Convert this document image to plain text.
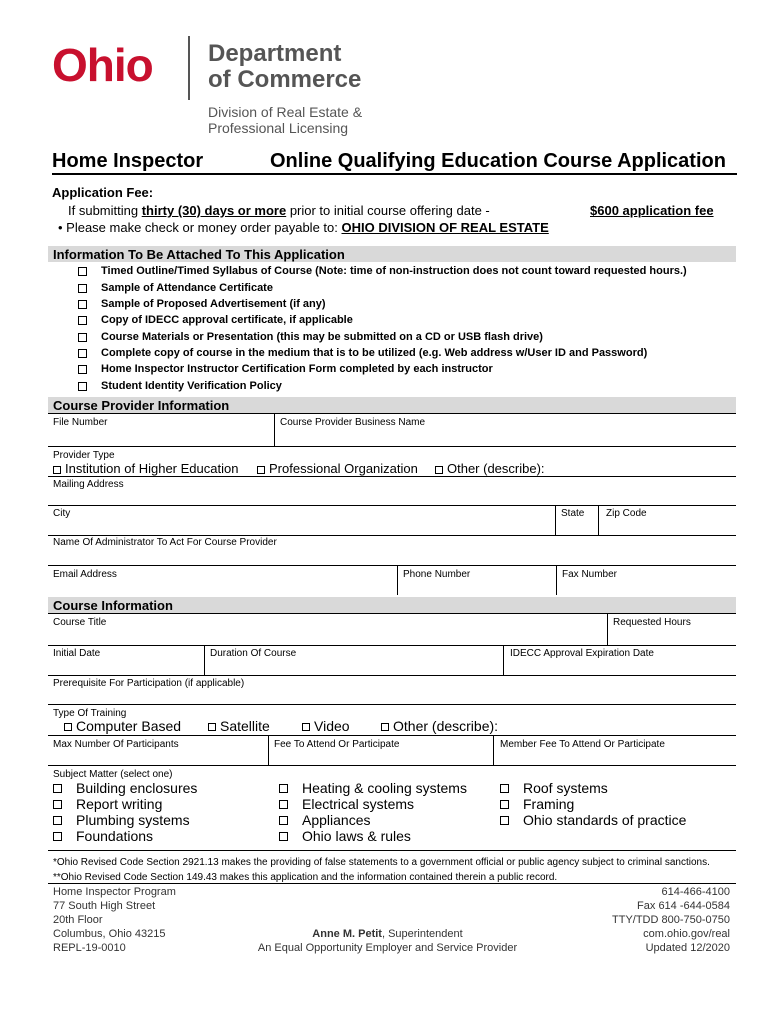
Ohio Department
of Commerce
Division of Real Estate &
Professional Licensing
Home Inspector	Online Qualifying Education Course Application
Application Fee:
If submitting thirty (30) days or more prior to initial course offering date -	$600 application fee
• Please make check or money order payable to: OHIO DIVISION OF REAL ESTATE
Information To Be Attached To This Application
Timed Outline/Timed Syllabus of Course (Note: time of non-instruction does not count toward requested hours.)
Sample of Attendance Certificate
Sample of Proposed Advertisement (if any)
Copy of IDECC approval certificate, if applicable
Course Materials or Presentation (this may be submitted on a CD or USB flash drive)
Complete copy of course in the medium that is to be utilized (e.g. Web address w/User ID and Password)
Home Inspector Instructor Certification Form completed by each instructor
Student Identity Verification Policy
Course Provider Information
File Number	Course Provider Business Name
Provider Type
Institution of Higher Education	Professional Organization	Other (describe):
Mailing Address
City	State Zip Code
Name Of Administrator To Act For Course Provider
Email Address	Phone Number	Fax Number
Course Information
Course Title	Requested Hours
Initial Date	Duration Of Course	IDECC Approval Expiration Date
Prerequisite For Participation (if applicable)
Type Of Training
Computer Based	Satellite	Video	Other (describe):
Max Number Of Participants	Fee To Attend Or Participate	Member Fee To Attend Or Participate
Subject Matter (select one)
Building enclosures
Report writing
Plumbing systems
Foundations
Heating & cooling systems
Electrical systems
Appliances
Ohio laws & rules
Roof systems
Framing
Ohio standards of practice
*Ohio Revised Code Section 2921.13 makes the providing of false statements to a government official or public agency subject to criminal sanctions.
**Ohio Revised Code Section 149.43 makes this application and the information contained therein a public record.
Home Inspector Program
77 South High Street
20th Floor
Columbus, Ohio 43215
REPL-19-0010
Anne M. Petit, Superintendent
An Equal Opportunity Employer and Service Provider
614-466-4100
Fax 614 -644-0584
TTY/TDD 800-750-0750
com.ohio.gov/real
Updated 12/2020
